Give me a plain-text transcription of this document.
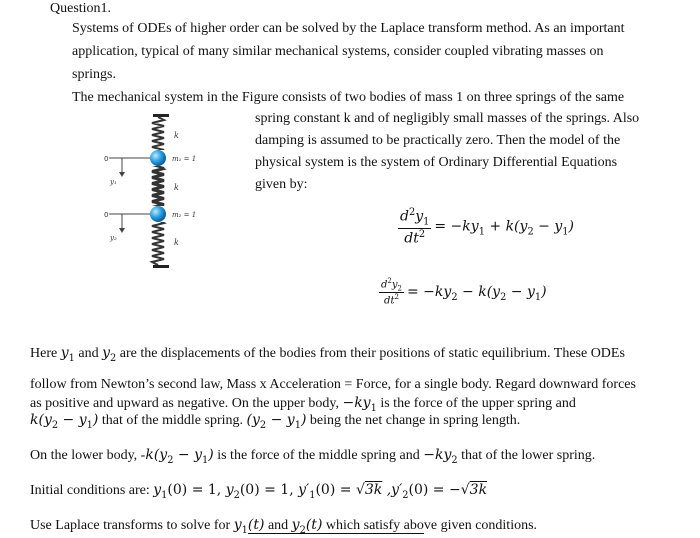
Question1.
Systems of ODEs of higher order can be solved by the Laplace transform method. As an important
application, typical of many similar mechanical systems, consider coupled vibrating masses on
springs.
The mechanical system in the Figure consists of two bodies of mass 1 on three springs of the same
spring constant k and of negligibly small masses of the springs. Also
damping is assumed to be practically zero. Then the model of the
physical system is the system of Ordinary Differential Equations
given by:
k
k
k
m₁ = 1
m₂ = 1
0
0
y₁
y₂	$\frac{d^2y_1}{dt^2} = -ky_1 + k(y_2 - y_1)$
$\frac{d^2y_2}{dt^2} = -ky_2 - k(y_2 - y_1)$
Here $y_1$ and $y_2$ are the displacements of the bodies from their positions of static equilibrium. These ODEs
follow from Newton’s second law, Mass x Acceleration = Force, for a single body. Regard downward forces
as positive and upward as negative. On the upper body, $-ky_1$ is the force of the upper spring and
$k(y_2 - y_1)$ that of the middle spring. $(y_2 - y_1)$ being the net change in spring length.
On the lower body, $-k(y_2 - y_1)$ is the force of the middle spring and $-ky_2$ that of the lower spring.
Initial conditions are: $y_1(0) = 1$, $y_2(0) = 1$, $y'_1(0) = √3k$ $,y'_2(0) = -√3k$
Use Laplace transforms to solve for $y_1(t)$ and $y_2(t)$ which satisfy above given conditions.
